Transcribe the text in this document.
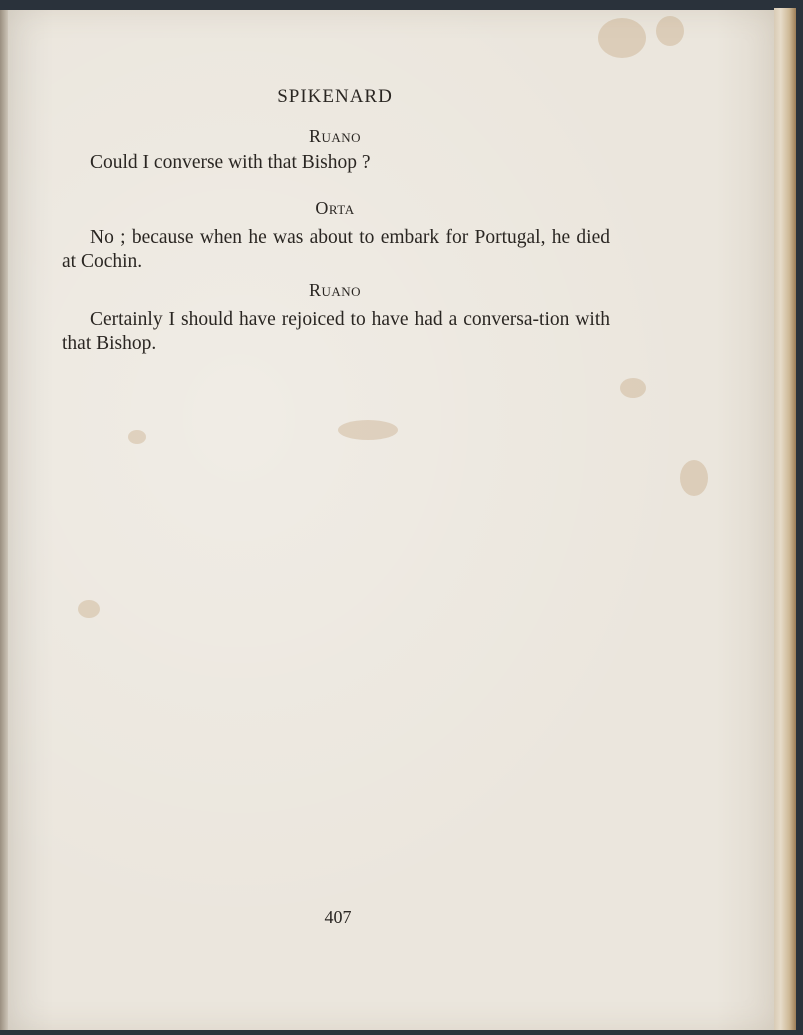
SPIKENARD
Ruano
Could I converse with that Bishop ?
Orta
No ; because when he was about to embark for Portugal, he died at Cochin.
Ruano
Certainly I should have rejoiced to have had a conversa-tion with that Bishop.
407
